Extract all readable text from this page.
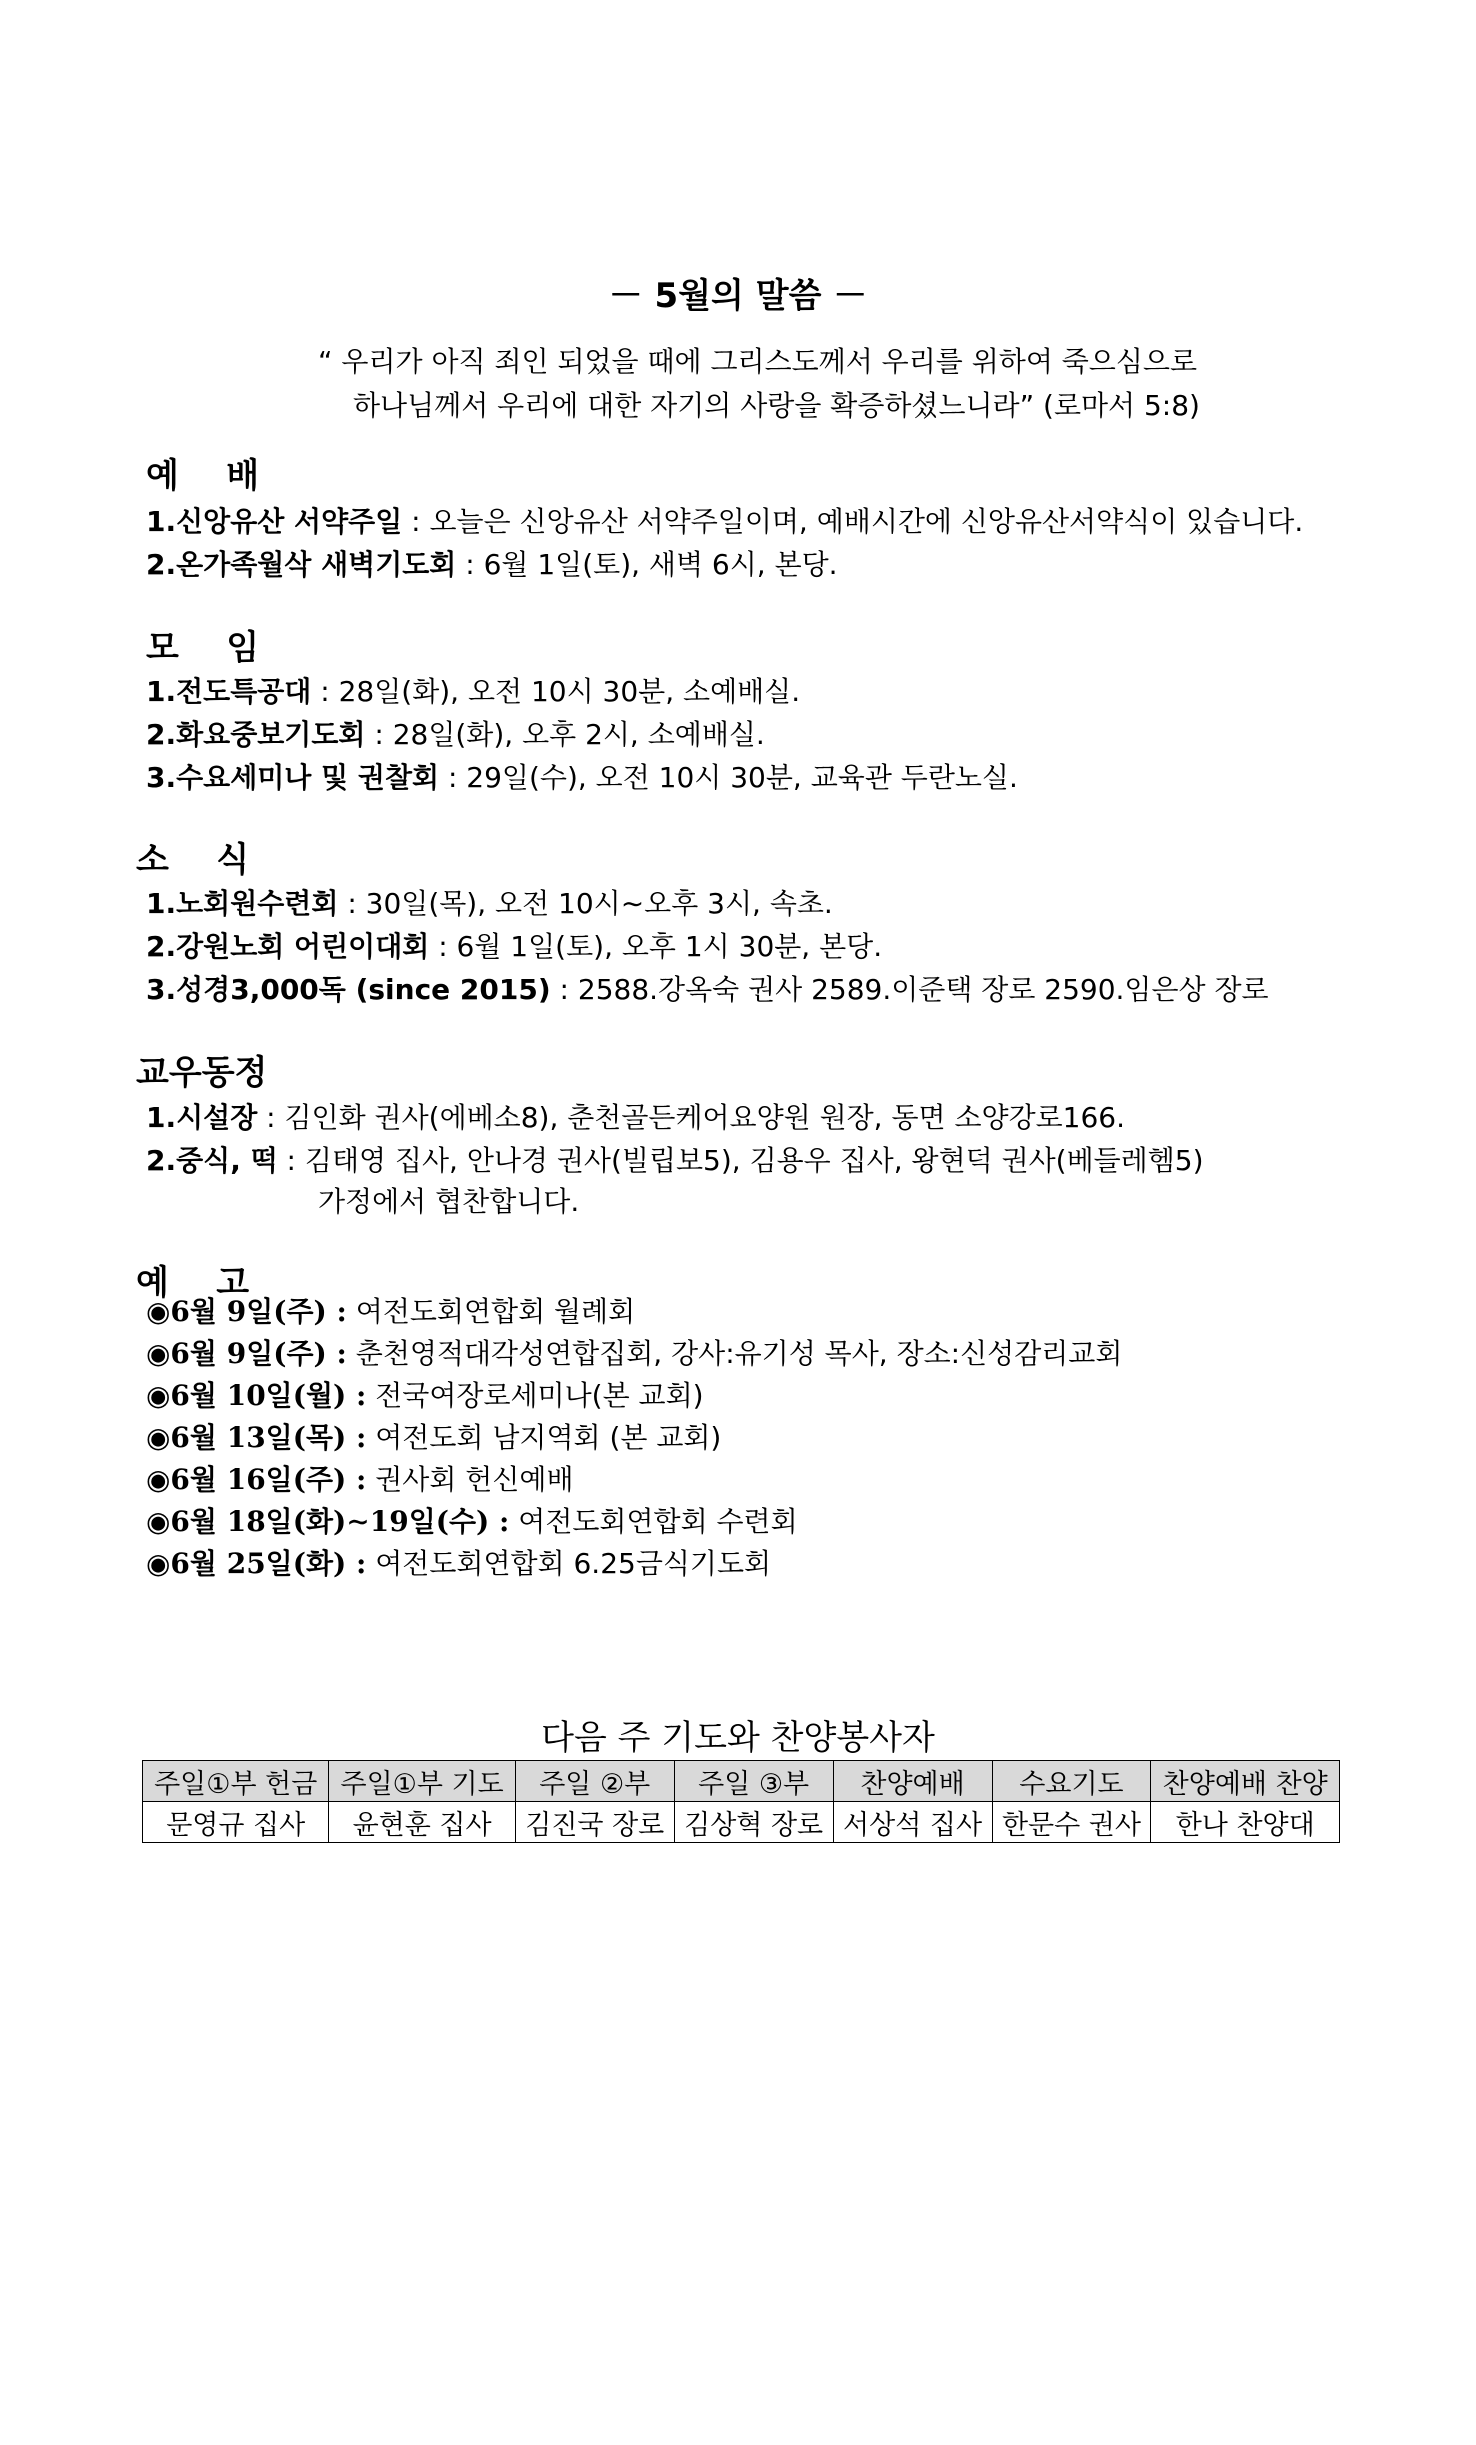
－ 5월의 말씀 －
“ 우리가 아직 죄인 되었을 때에 그리스도께서 우리를 위하여 죽으심으로
하나님께서 우리에 대한 자기의 사랑을 확증하셨느니라” (로마서 5:8)
예    배
1.신앙유산 서약주일 : 오늘은 신앙유산 서약주일이며, 예배시간에 신앙유산서약식이 있습니다.
2.온가족월삭 새벽기도회 : 6월 1일(토), 새벽 6시, 본당.
모    임
1.전도특공대 : 28일(화), 오전 10시 30분, 소예배실.
2.화요중보기도회 : 28일(화), 오후 2시, 소예배실.
3.수요세미나 및 권찰회 : 29일(수), 오전 10시 30분, 교육관 두란노실.
소    식
1.노회원수련회 : 30일(목), 오전 10시∼오후 3시, 속초.
2.강원노회 어린이대회 : 6월 1일(토), 오후 1시 30분, 본당.
3.성경3,000독 (since 2015) : 2588.강옥숙 권사 2589.이준택 장로 2590.임은상 장로
교우동정
1.시설장 : 김인화 권사(에베소8), 춘천골든케어요양원 원장, 동면 소양강로166.
2.중식, 떡 : 김태영 집사, 안나경 권사(빌립보5), 김용우 집사, 왕현덕 권사(베들레헴5)
가정에서 협찬합니다.
예    고
◉6월 9일(주) : 여전도회연합회 월례회
◉6월 9일(주) : 춘천영적대각성연합집회, 강사:유기성 목사, 장소:신성감리교회
◉6월 10일(월) : 전국여장로세미나(본 교회)
◉6월 13일(목) : 여전도회 남지역회 (본 교회)
◉6월 16일(주) : 권사회 헌신예배
◉6월 18일(화)∼19일(수) : 여전도회연합회 수련회
◉6월 25일(화) : 여전도회연합회 6.25금식기도회
다음 주 기도와 찬양봉사자
주일①부 헌금	주일①부 기도	주일 ②부	주일 ③부	찬양예배	수요기도	찬양예배 찬양
문영규 집사	윤현훈 집사	김진국 장로	김상혁 장로	서상석 집사	한문수 권사	한나 찬양대
